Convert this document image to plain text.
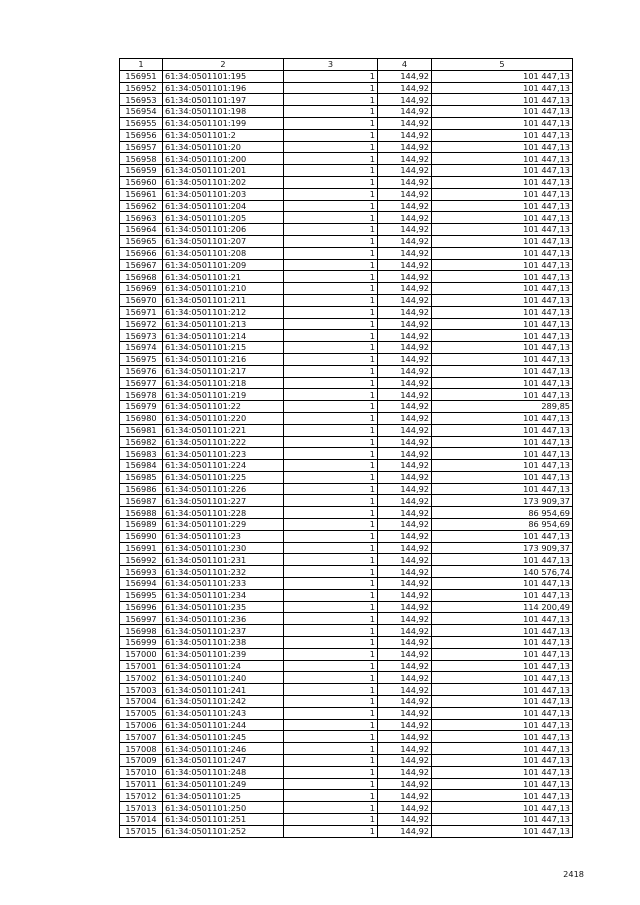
1	2	3	4	5
156951	61:34:0501101:195	1	144,92	101 447,13
156952	61:34:0501101:196	1	144,92	101 447,13
156953	61:34:0501101:197	1	144,92	101 447,13
156954	61:34:0501101:198	1	144,92	101 447,13
156955	61:34:0501101:199	1	144,92	101 447,13
156956	61:34:0501101:2	1	144,92	101 447,13
156957	61:34:0501101:20	1	144,92	101 447,13
156958	61:34:0501101:200	1	144,92	101 447,13
156959	61:34:0501101:201	1	144,92	101 447,13
156960	61:34:0501101:202	1	144,92	101 447,13
156961	61:34:0501101:203	1	144,92	101 447,13
156962	61:34:0501101:204	1	144,92	101 447,13
156963	61:34:0501101:205	1	144,92	101 447,13
156964	61:34:0501101:206	1	144,92	101 447,13
156965	61:34:0501101:207	1	144,92	101 447,13
156966	61:34:0501101:208	1	144,92	101 447,13
156967	61:34:0501101:209	1	144,92	101 447,13
156968	61:34:0501101:21	1	144,92	101 447,13
156969	61:34:0501101:210	1	144,92	101 447,13
156970	61:34:0501101:211	1	144,92	101 447,13
156971	61:34:0501101:212	1	144,92	101 447,13
156972	61:34:0501101:213	1	144,92	101 447,13
156973	61:34:0501101:214	1	144,92	101 447,13
156974	61:34:0501101:215	1	144,92	101 447,13
156975	61:34:0501101:216	1	144,92	101 447,13
156976	61:34:0501101:217	1	144,92	101 447,13
156977	61:34:0501101:218	1	144,92	101 447,13
156978	61:34:0501101:219	1	144,92	101 447,13
156979	61:34:0501101:22	1	144,92	289,85
156980	61:34:0501101:220	1	144,92	101 447,13
156981	61:34:0501101:221	1	144,92	101 447,13
156982	61:34:0501101:222	1	144,92	101 447,13
156983	61:34:0501101:223	1	144,92	101 447,13
156984	61:34:0501101:224	1	144,92	101 447,13
156985	61:34:0501101:225	1	144,92	101 447,13
156986	61:34:0501101:226	1	144,92	101 447,13
156987	61:34:0501101:227	1	144,92	173 909,37
156988	61:34:0501101:228	1	144,92	86 954,69
156989	61:34:0501101:229	1	144,92	86 954,69
156990	61:34:0501101:23	1	144,92	101 447,13
156991	61:34:0501101:230	1	144,92	173 909,37
156992	61:34:0501101:231	1	144,92	101 447,13
156993	61:34:0501101:232	1	144,92	140 576,74
156994	61:34:0501101:233	1	144,92	101 447,13
156995	61:34:0501101:234	1	144,92	101 447,13
156996	61:34:0501101:235	1	144,92	114 200,49
156997	61:34:0501101:236	1	144,92	101 447,13
156998	61:34:0501101:237	1	144,92	101 447,13
156999	61:34:0501101:238	1	144,92	101 447,13
157000	61:34:0501101:239	1	144,92	101 447,13
157001	61:34:0501101:24	1	144,92	101 447,13
157002	61:34:0501101:240	1	144,92	101 447,13
157003	61:34:0501101:241	1	144,92	101 447,13
157004	61:34:0501101:242	1	144,92	101 447,13
157005	61:34:0501101:243	1	144,92	101 447,13
157006	61:34:0501101:244	1	144,92	101 447,13
157007	61:34:0501101:245	1	144,92	101 447,13
157008	61:34:0501101:246	1	144,92	101 447,13
157009	61:34:0501101:247	1	144,92	101 447,13
157010	61:34:0501101:248	1	144,92	101 447,13
157011	61:34:0501101:249	1	144,92	101 447,13
157012	61:34:0501101:25	1	144,92	101 447,13
157013	61:34:0501101:250	1	144,92	101 447,13
157014	61:34:0501101:251	1	144,92	101 447,13
157015	61:34:0501101:252	1	144,92	101 447,13
2418
